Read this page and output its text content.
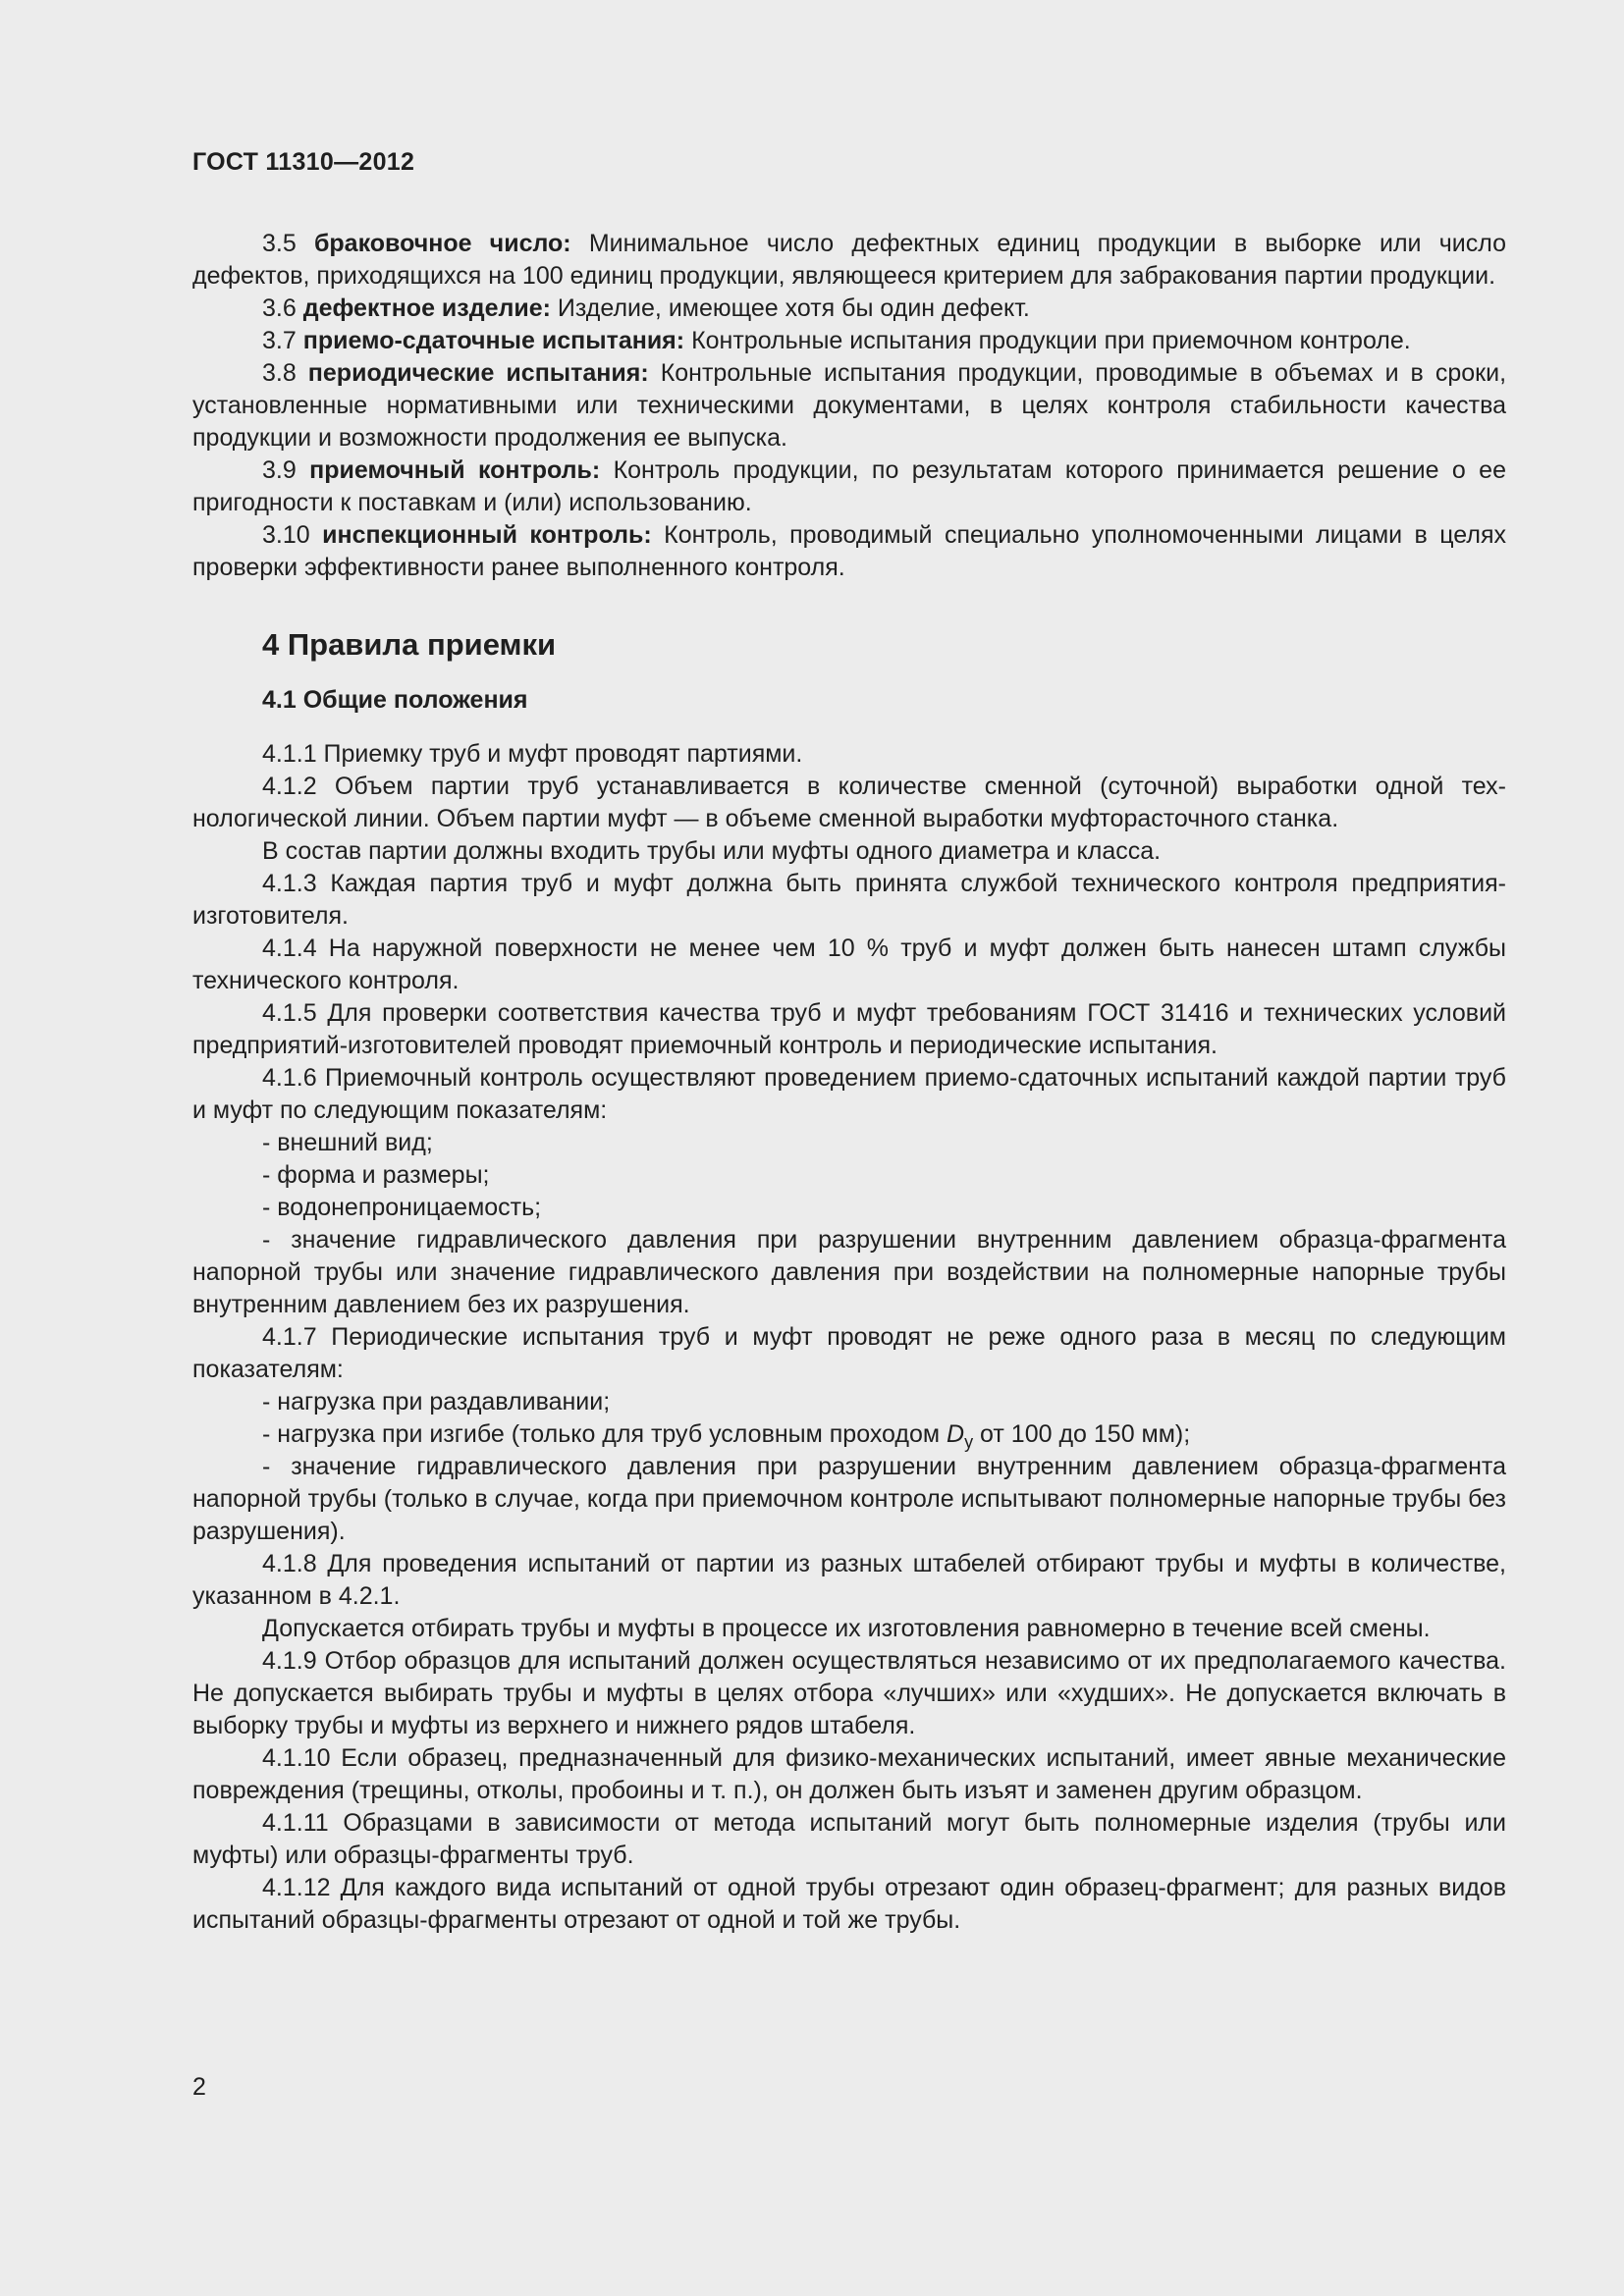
ГОСТ 11310—2012

3.5 браковочное число: Минимальное число дефектных единиц продукции в выборке или число дефектов, приходящихся на 100 единиц продукции, являющееся критерием для забракования партии продукции.

3.6 дефектное изделие: Изделие, имеющее хотя бы один дефект.

3.7 приемо-сдаточные испытания: Контрольные испытания продукции при приемочном контроле.

3.8 периодические испытания: Контрольные испытания продукции, проводимые в объемах и в сроки, установленные нормативными или техническими документами, в целях контроля стабильности качества продукции и возможности продолжения ее выпуска.

3.9 приемочный контроль: Контроль продукции, по результатам которого принимается решение о ее пригодности к поставкам и (или) использованию.

3.10 инспекционный контроль: Контроль, проводимый специально уполномоченными лицами в целях проверки эффективности ранее выполненного контроля.

4 Правила приемки
4.1 Общие положения

4.1.1 Приемку труб и муфт проводят партиями.

4.1.2 Объем партии труб устанавливается в количестве сменной (суточной) выработки одной технологической линии. Объем партии муфт — в объеме сменной выработки муфторасточного станка.

В состав партии должны входить трубы или муфты одного диаметра и класса.

4.1.3 Каждая партия труб и муфт должна быть принята службой технического контроля предприятия-изготовителя.

4.1.4 На наружной поверхности не менее чем 10 % труб и муфт должен быть нанесен штамп службы технического контроля.

4.1.5 Для проверки соответствия качества труб и муфт требованиям ГОСТ 31416 и технических условий предприятий-изготовителей проводят приемочный контроль и периодические испытания.

4.1.6 Приемочный контроль осуществляют проведением приемо-сдаточных испытаний каждой партии труб и муфт по следующим показателям:

- внешний вид;

- форма и размеры;

- водонепроницаемость;

- значение гидравлического давления при разрушении внутренним давлением образца-фрагмента напорной трубы или значение гидравлического давления при воздействии на полномерные напорные трубы внутренним давлением без их разрушения.

4.1.7 Периодические испытания труб и муфт проводят не реже одного раза в месяц по следующим показателям:

- нагрузка при раздавливании;

- нагрузка при изгибе (только для труб условным проходом $D_у$ от 100 до 150 мм);

- значение гидравлического давления при разрушении внутренним давлением образца-фрагмента напорной трубы (только в случае, когда при приемочном контроле испытывают полномерные напорные трубы без разрушения).

4.1.8 Для проведения испытаний от партии из разных штабелей отбирают трубы и муфты в количестве, указанном в 4.2.1.

Допускается отбирать трубы и муфты в процессе их изготовления равномерно в течение всей смены.

4.1.9 Отбор образцов для испытаний должен осуществляться независимо от их предполагаемого качества. Не допускается выбирать трубы и муфты в целях отбора «лучших» или «худших». Не допускается включать в выборку трубы и муфты из верхнего и нижнего рядов штабеля.

4.1.10 Если образец, предназначенный для физико-механических испытаний, имеет явные механические повреждения (трещины, отколы, пробоины и т. п.), он должен быть изъят и заменен другим образцом.

4.1.11 Образцами в зависимости от метода испытаний могут быть полномерные изделия (трубы или муфты) или образцы-фрагменты труб.

4.1.12 Для каждого вида испытаний от одной трубы отрезают один образец-фрагмент; для разных видов испытаний образцы-фрагменты отрезают от одной и той же трубы.

2
